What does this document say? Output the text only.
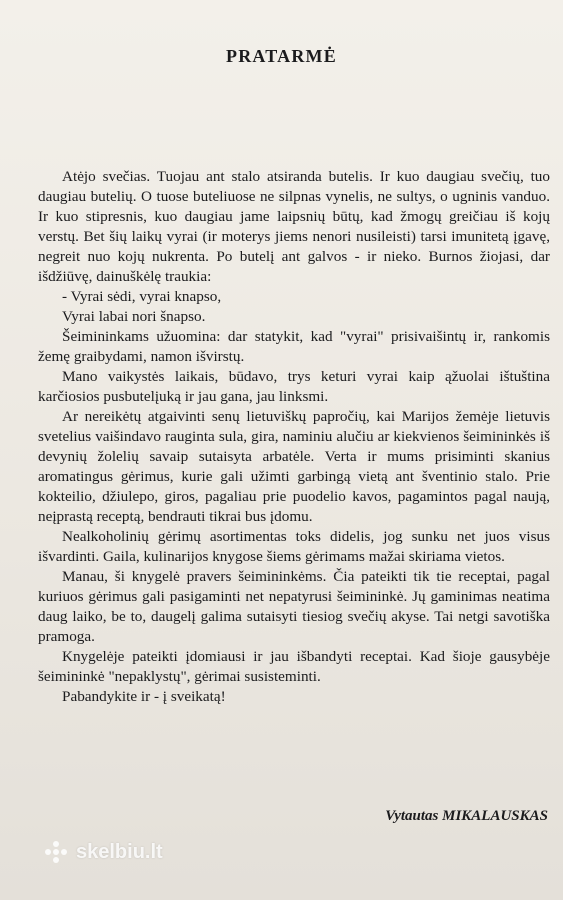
PRATARMĖ

Atėjo svečias. Tuojau ant stalo atsiranda butelis. Ir kuo daugiau svečių, tuo daugiau butelių. O tuose buteliuose ne silpnas vynelis, ne sultys, o ugninis vanduo. Ir kuo stipresnis, kuo daugiau jame laipsnių būtų, kad žmogų greičiau iš kojų verstų. Bet šių laikų vyrai (ir moterys jiems nenori nusileisti) tarsi imunitetą įgavę, negreit nuo kojų nukrenta. Po butelį ant galvos - ir nieko. Burnos žiojasi, dar išdžiūvę, dainuškėlę traukia:

- Vyrai sėdi, vyrai knapso,

Vyrai labai nori šnapso.

Šeimininkams užuomina: dar statykit, kad "vyrai" prisivaišintų ir, rankomis žemę graibydami, namon išvirstų.

Mano vaikystės laikais, būdavo, trys keturi vyrai kaip ąžuolai ištuština karčiosios pusbutelįuką ir jau gana, jau linksmi.

Ar nereikėtų atgaivinti senų lietuviškų papročių, kai Marijos žemėje lietuvis svetelius vaišindavo rauginta sula, gira, naminiu alučiu ar kiekvienos šeimininkės iš devynių žolelių savaip sutaisyta arbatėle. Verta ir mums prisiminti skanius aromatingus gėrimus, kurie gali užimti garbingą vietą ant šventinio stalo. Prie kokteilio, džiulepo, giros, pagaliau prie puodelio kavos, pagamintos pagal naują, neįprastą receptą, bendrauti tikrai bus įdomu.

Nealkoholinių gėrimų asortimentas toks didelis, jog sunku net juos visus išvardinti. Gaila, kulinarijos knygose šiems gėrimams mažai skiriama vietos.

Manau, ši knygelė pravers šeimininkėms. Čia pateikti tik tie receptai, pagal kuriuos gėrimus gali pasigaminti net nepatyrusi šeimininkė. Jų gaminimas neatima daug laiko, be to, daugelį galima sutaisyti tiesiog svečių akyse. Tai netgi savotiška pramoga.

Knygelėje pateikti įdomiausi ir jau išbandyti receptai. Kad šioje gausybėje šeimininkė "nepaklystų", gėrimai susisteminti.

Pabandykite ir - į sveikatą!

Vytautas MIKALAUSKAS
skelbiu.lt
